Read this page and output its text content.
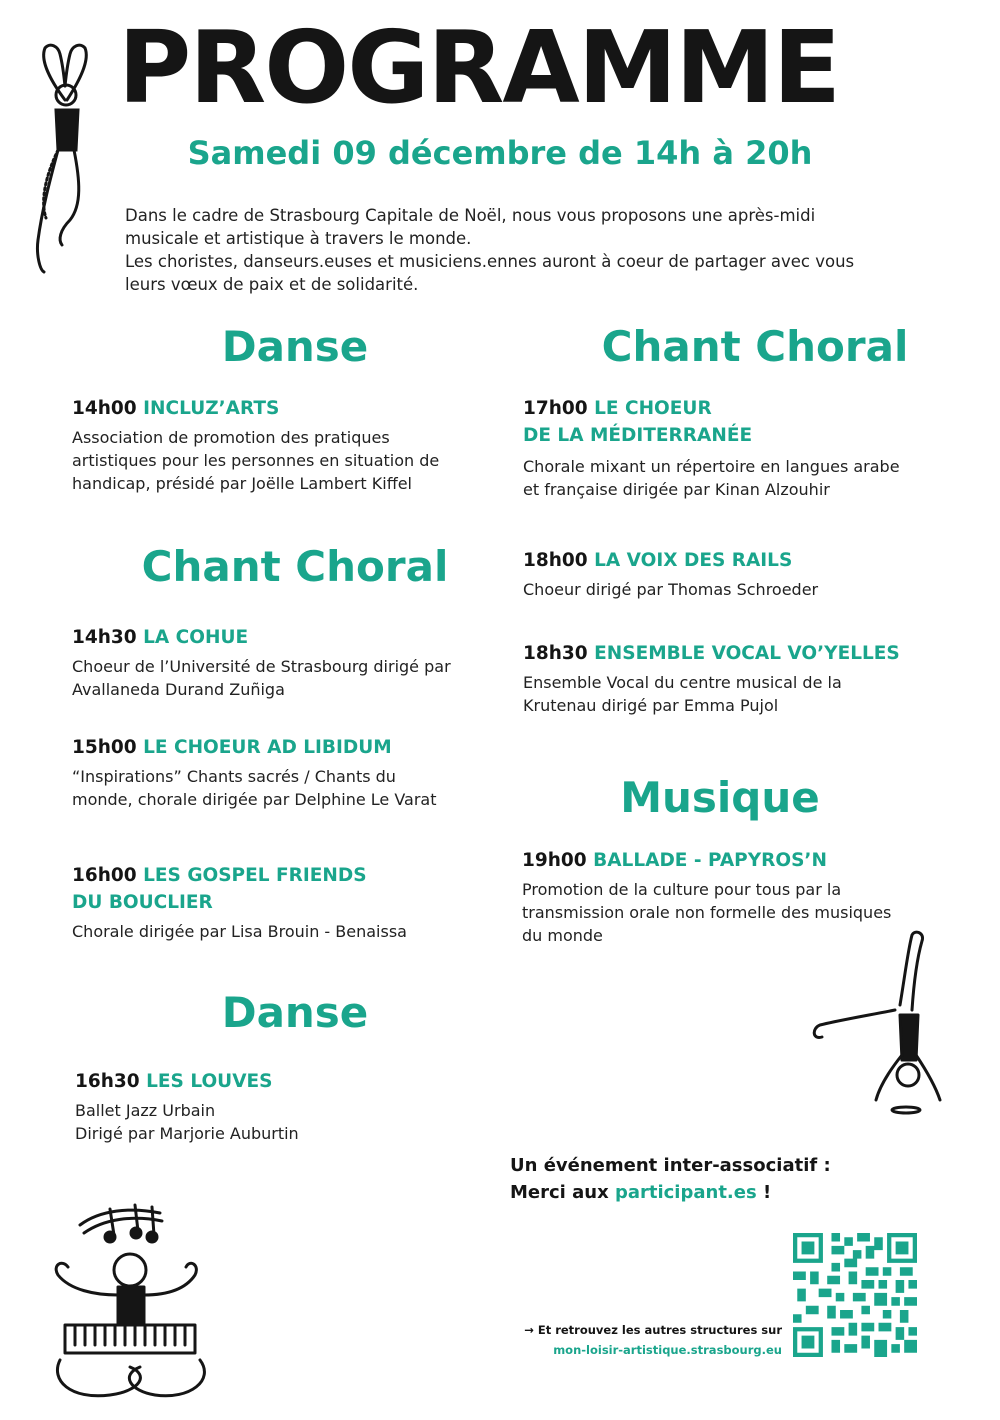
PROGRAMME
Samedi 09 décembre de 14h à 20h

Dans le cadre de Strasbourg Capitale de Noël, nous vous proposons une après-midi musicale et artistique à travers le monde.

Les choristes, danseurs.euses et musiciens.ennes auront à coeur de partager avec vous leurs vœux de paix et de solidarité.

Danse
14h00 INCLUZ’ARTS
Association de promotion des pratiques artistiques pour les personnes en situation de handicap, présidé par Joëlle Lambert Kiffel
Chant Choral
14h30 LA COHUE
Choeur de l’Université de Strasbourg dirigé par Avallaneda Durand Zuñiga
15h00 LE CHOEUR AD LIBIDUM
“Inspirations” Chants sacrés / Chants du monde, chorale dirigée par Delphine Le Varat
16h00 LES GOSPEL FRIENDS
DU BOUCLIER
Chorale dirigée par Lisa Brouin - Benaissa
Danse
16h30 LES LOUVES
Ballet Jazz Urbain
Dirigé par Marjorie Auburtin
Chant Choral
17h00 LE CHOEUR
DE LA MÉDITERRANÉE
Chorale mixant un répertoire en langues arabe et française dirigée par Kinan Alzouhir
18h00 LA VOIX DES RAILS
Choeur dirigé par Thomas Schroeder
18h30 ENSEMBLE VOCAL VO’YELLES
Ensemble Vocal du centre musical de la Krutenau dirigé par Emma Pujol
Musique
19h00 BALLADE - PAPYROS’N
Promotion de la culture pour tous par la transmission orale non formelle des musiques du monde
Un événement inter-associatif :
Merci aux participant.es !
→ Et retrouvez les autres structures sur
mon-loisir-artistique.strasbourg.eu
